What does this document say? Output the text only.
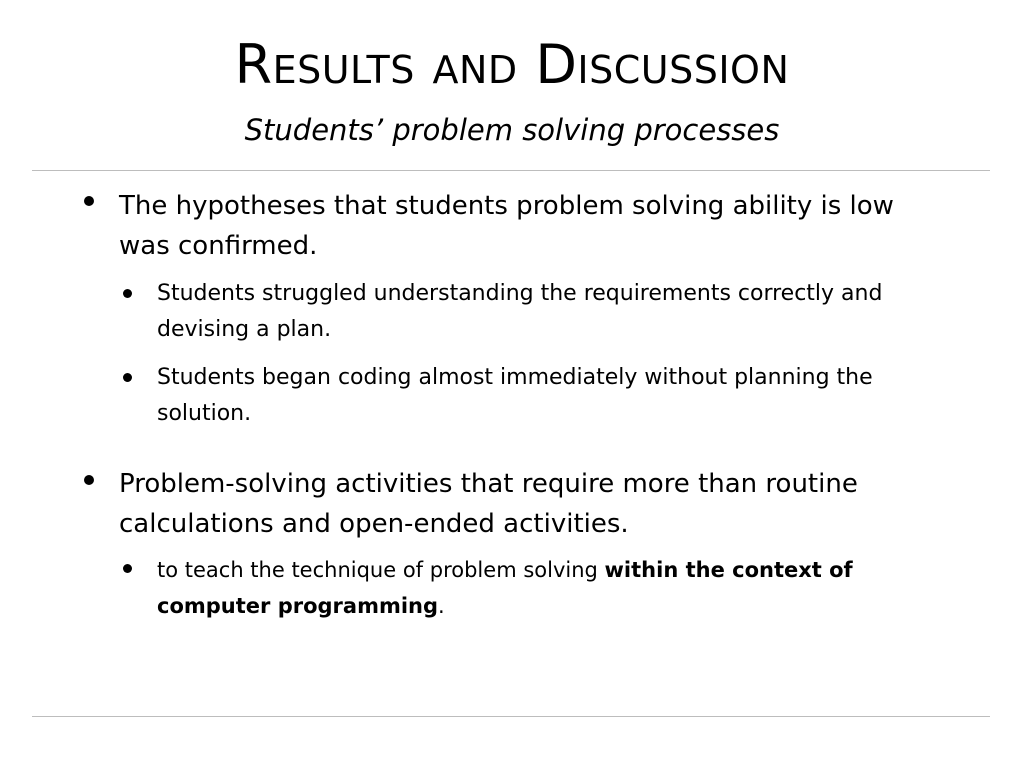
Results and Discussion
Students’ problem solving processes
The hypotheses that students problem solving ability is low was confirmed.
Students struggled understanding the requirements correctly and devising a plan.
Students began coding almost immediately without planning the solution.
Problem-solving activities that require more than routine calculations and open-ended activities.
to teach the technique of problem solving within the context of computer programming.
